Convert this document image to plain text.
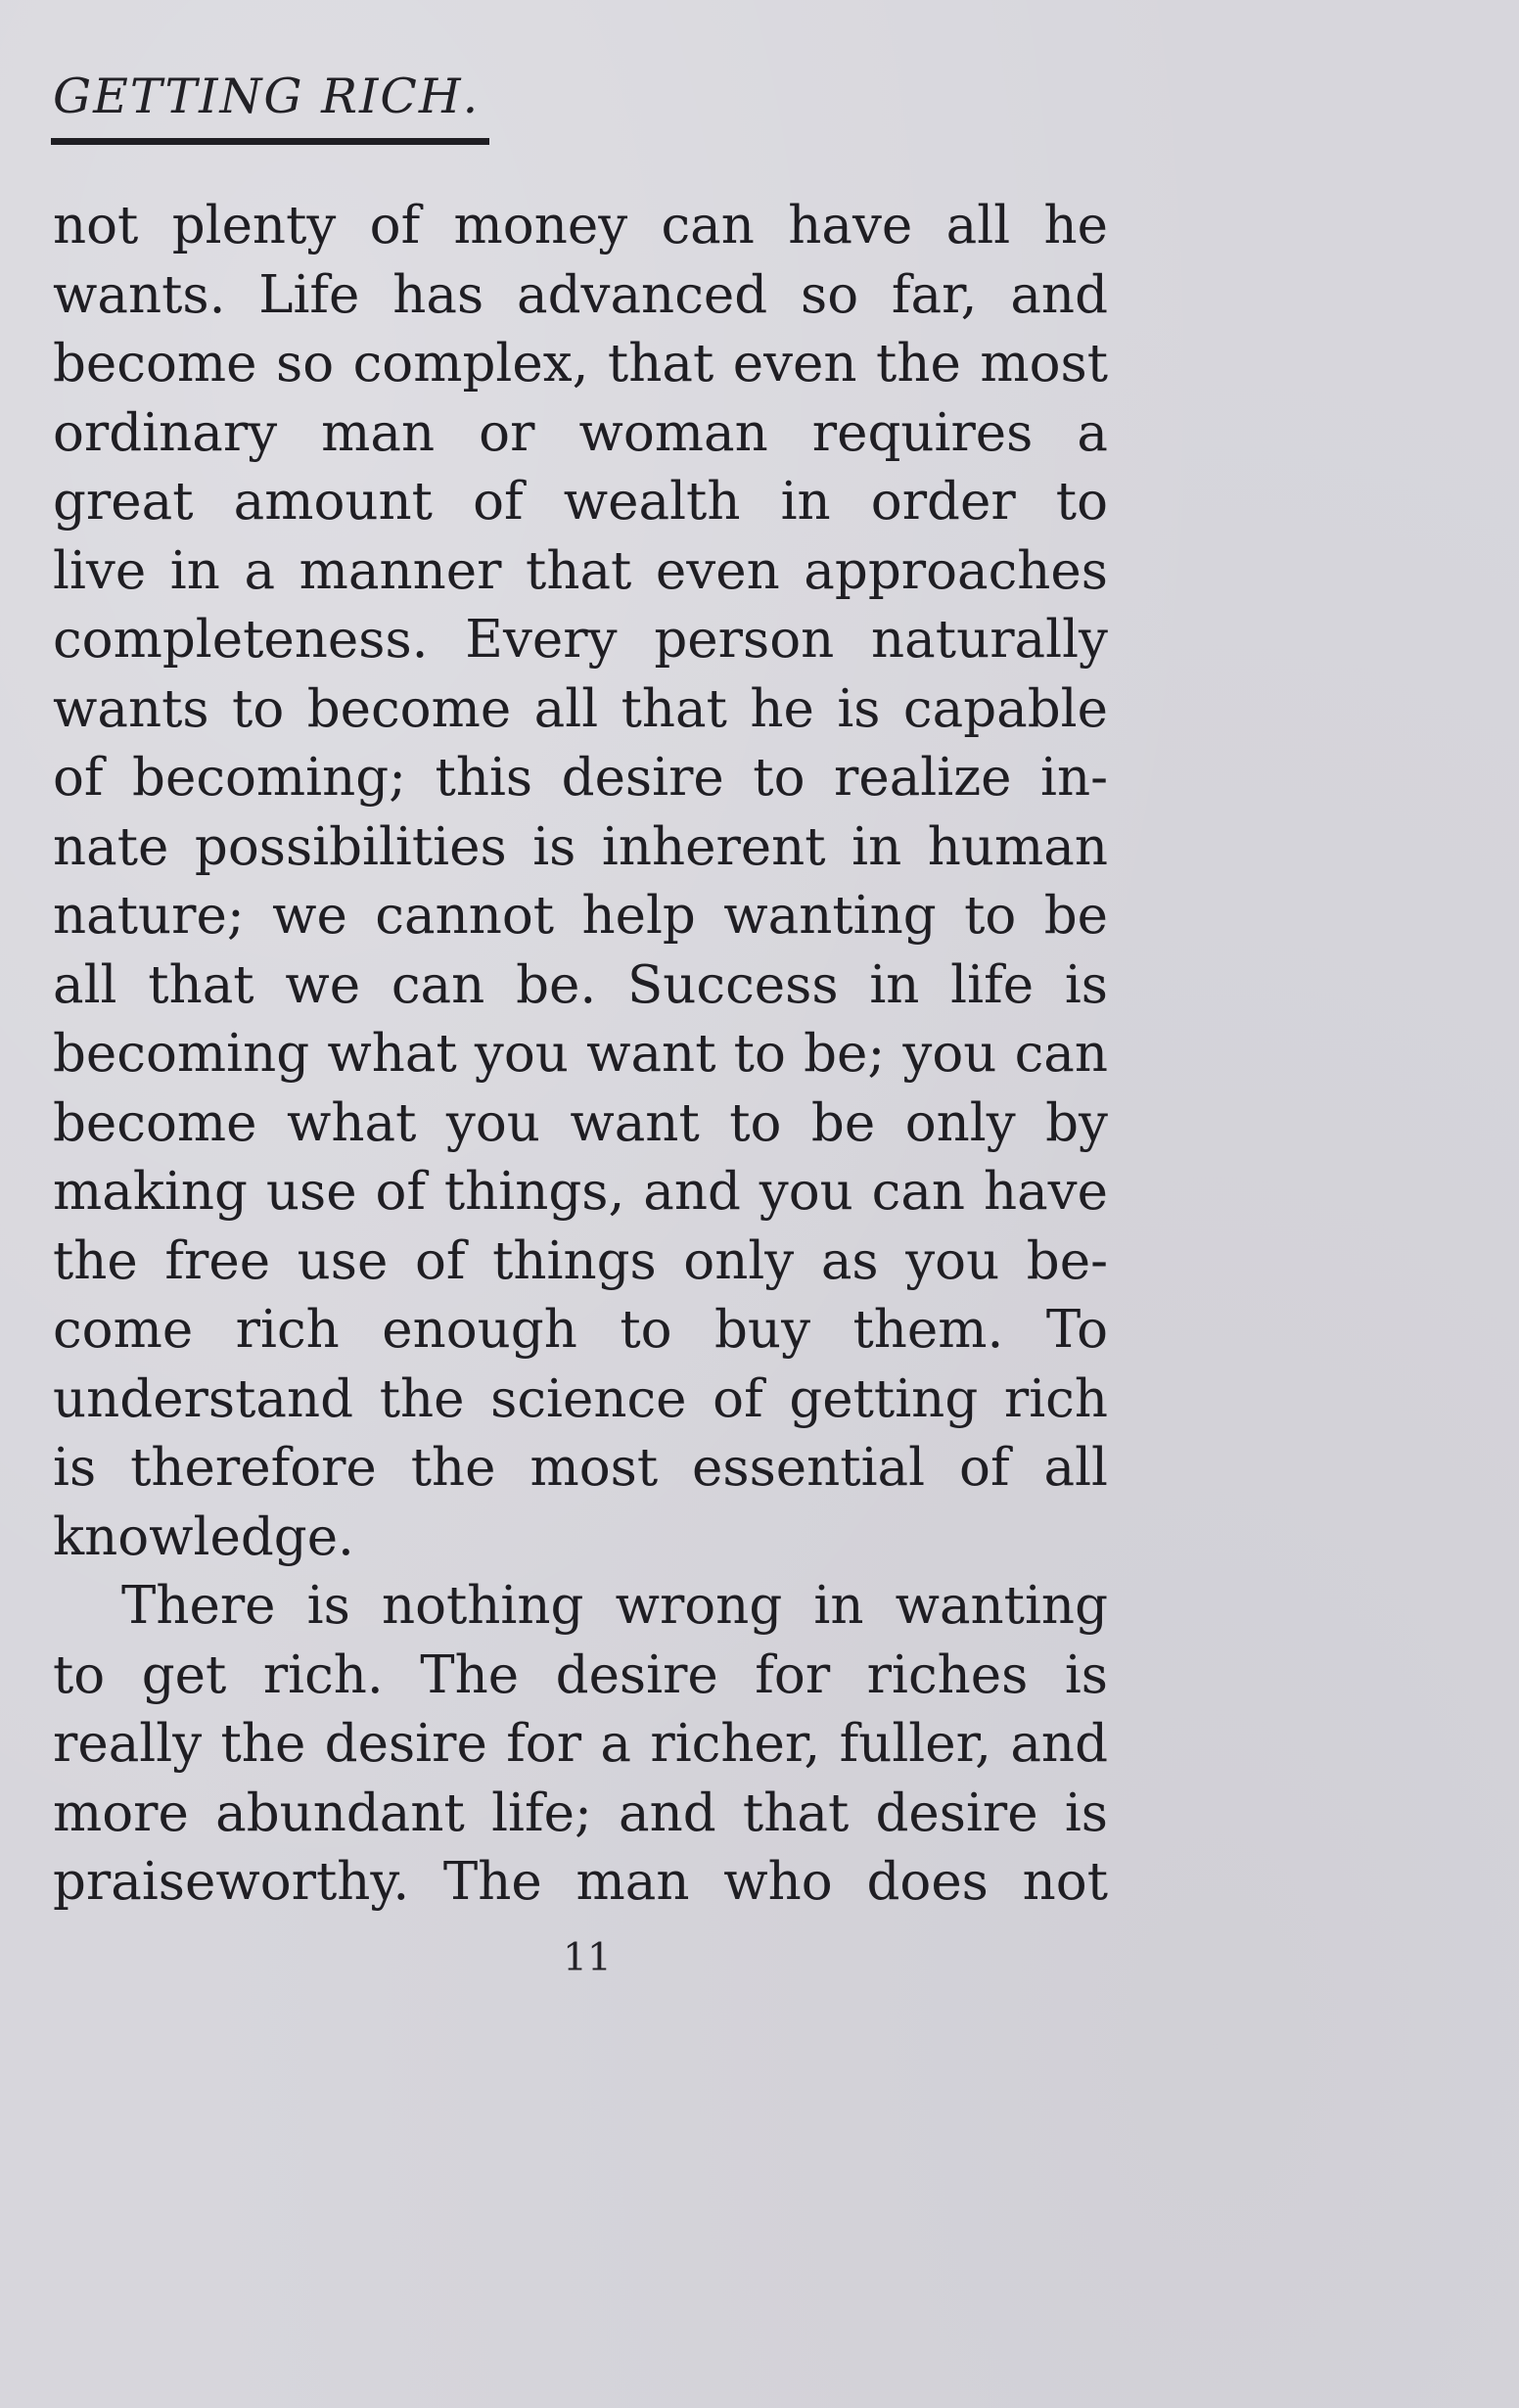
GETTING RICH.
not plenty of money can have all he
wants. Life has advanced so far, and
become so complex, that even the most
ordinary man or woman requires a
great amount of wealth in order to
live in a manner that even approaches
completeness. Every person naturally
wants to become all that he is capable
of becoming; this desire to realize in-
nate possibilities is inherent in human
nature; we cannot help wanting to be
all that we can be. Success in life is
becoming what you want to be; you can
become what you want to be only by
making use of things, and you can have
the free use of things only as you be-
come rich enough to buy them. To
understand the science of getting rich
is therefore the most essential of all
knowledge.
There is nothing wrong in wanting
to get rich. The desire for riches is
really the desire for a richer, fuller, and
more abundant life; and that desire is
praiseworthy. The man who does not
11
